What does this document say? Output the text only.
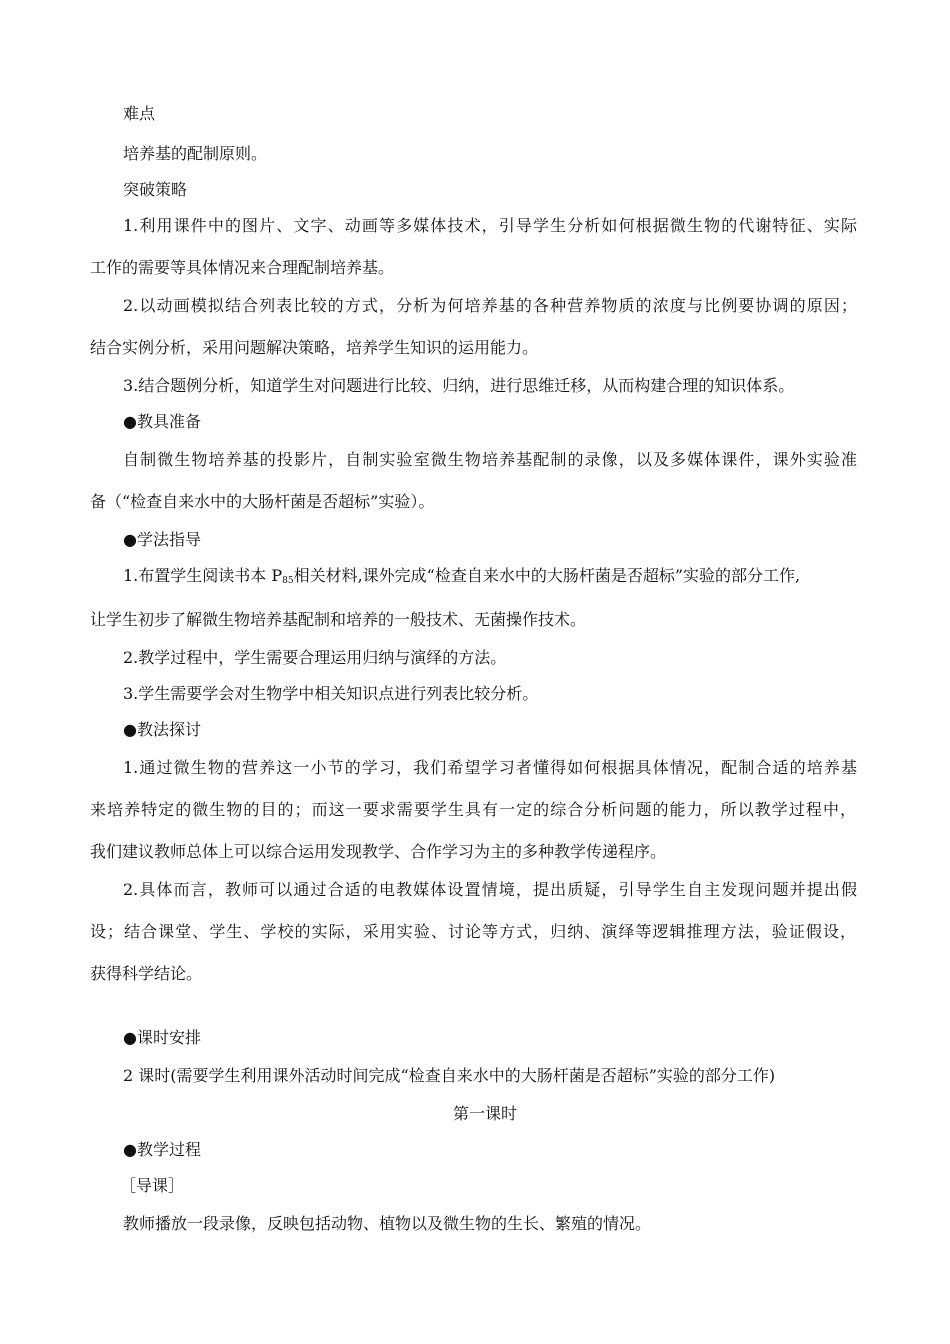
难点
培养基的配制原则。
突破策略
1.利用课件中的图片、文字、动画等多媒体技术，引导学生分析如何根据微生物的代谢特征、实际
工作的需要等具体情况来合理配制培养基。
2.以动画模拟结合列表比较的方式，分析为何培养基的各种营养物质的浓度与比例要协调的原因；
结合实例分析，采用问题解决策略，培养学生知识的运用能力。
3.结合题例分析，知道学生对问题进行比较、归纳，进行思维迁移，从而构建合理的知识体系。
●教具准备
自制微生物培养基的投影片，自制实验室微生物培养基配制的录像，以及多媒体课件，课外实验准
备（“检查自来水中的大肠杆菌是否超标”实验）。
●学法指导
1.布置学生阅读书本 $P_{85}$相关材料,课外完成“检查自来水中的大肠杆菌是否超标”实验的部分工作,
让学生初步了解微生物培养基配制和培养的一般技术、无菌操作技术。
2.教学过程中，学生需要合理运用归纳与演绎的方法。
3.学生需要学会对生物学中相关知识点进行列表比较分析。
●教法探讨
1.通过微生物的营养这一小节的学习，我们希望学习者懂得如何根据具体情况，配制合适的培养基
来培养特定的微生物的目的；而这一要求需要学生具有一定的综合分析问题的能力，所以教学过程中，
我们建议教师总体上可以综合运用发现教学、合作学习为主的多种教学传递程序。
2.具体而言，教师可以通过合适的电教媒体设置情境，提出质疑，引导学生自主发现问题并提出假
设；结合课堂、学生、学校的实际，采用实验、讨论等方式，归纳、演绎等逻辑推理方法，验证假设，
获得科学结论。
●课时安排
2 课时(需要学生利用课外活动时间完成“检查自来水中的大肠杆菌是否超标”实验的部分工作)
第一课时
●教学过程
［导课］
教师播放一段录像，反映包括动物、植物以及微生物的生长、繁殖的情况。
